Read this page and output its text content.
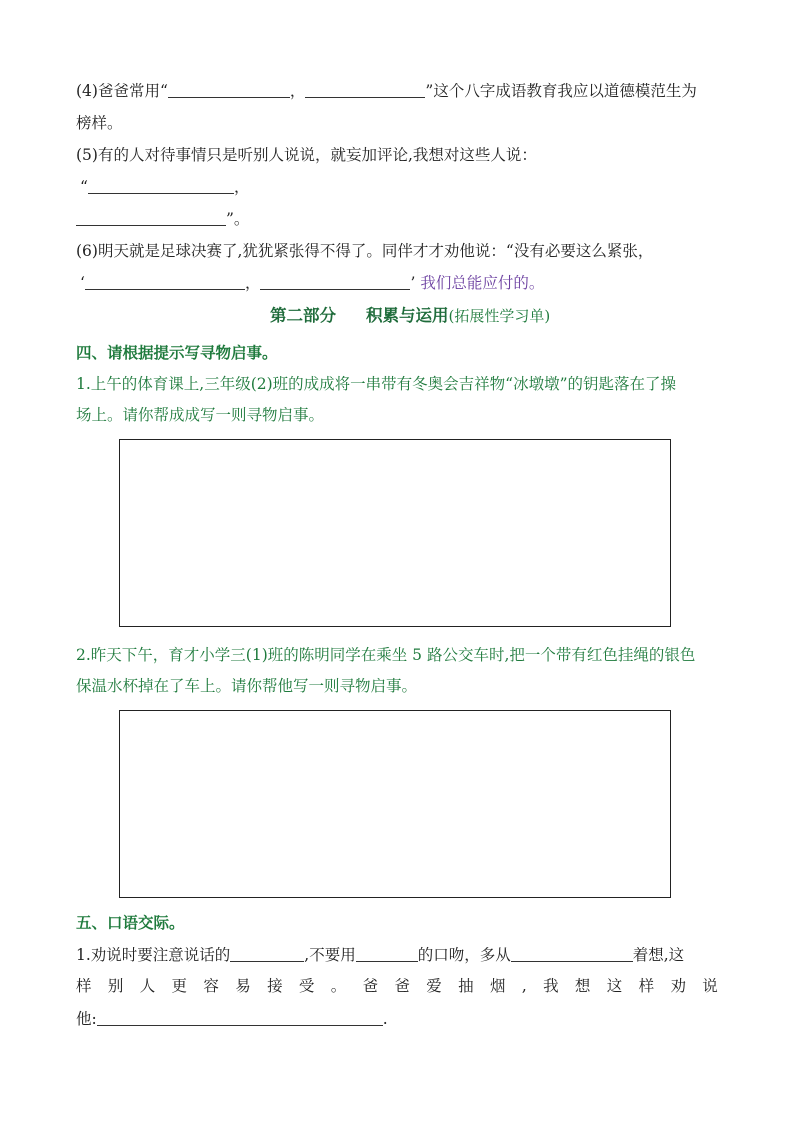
(4)爸爸常用“	，	”这个八字成语教育我应以道德模范生为
榜样。
(5)有的人对待事情只是听别人说说，就妄加评论,我想对这些人说：
“	，
”。
(6)明天就是足球决赛了,犹犹紧张得不得了。同伴才才劝他说：“没有必要这么紧张，
‘	，	’ 我们总能应付的。
第二部分 积累与运用(拓展性学习单)
四、请根据提示写寻物启事。
1.上午的体育课上,三年级(2)班的成成将一串带有冬奥会吉祥物“冰墩墩”的钥匙落在了操
场上。请你帮成成写一则寻物启事。
2.昨天下午，育才小学三(1)班的陈明同学在乘坐 5 路公交车时,把一个带有红色挂绳的银色
保温水杯掉在了车上。请你帮他写一则寻物启事。
五、口语交际。
1.劝说时要注意说话的	,不要用	的口吻，多从	着想,这
样 别 人 更 容 易 接 受 。 爸 爸 爱 抽 烟 , 我 想 这 样 劝 说
他:	.
